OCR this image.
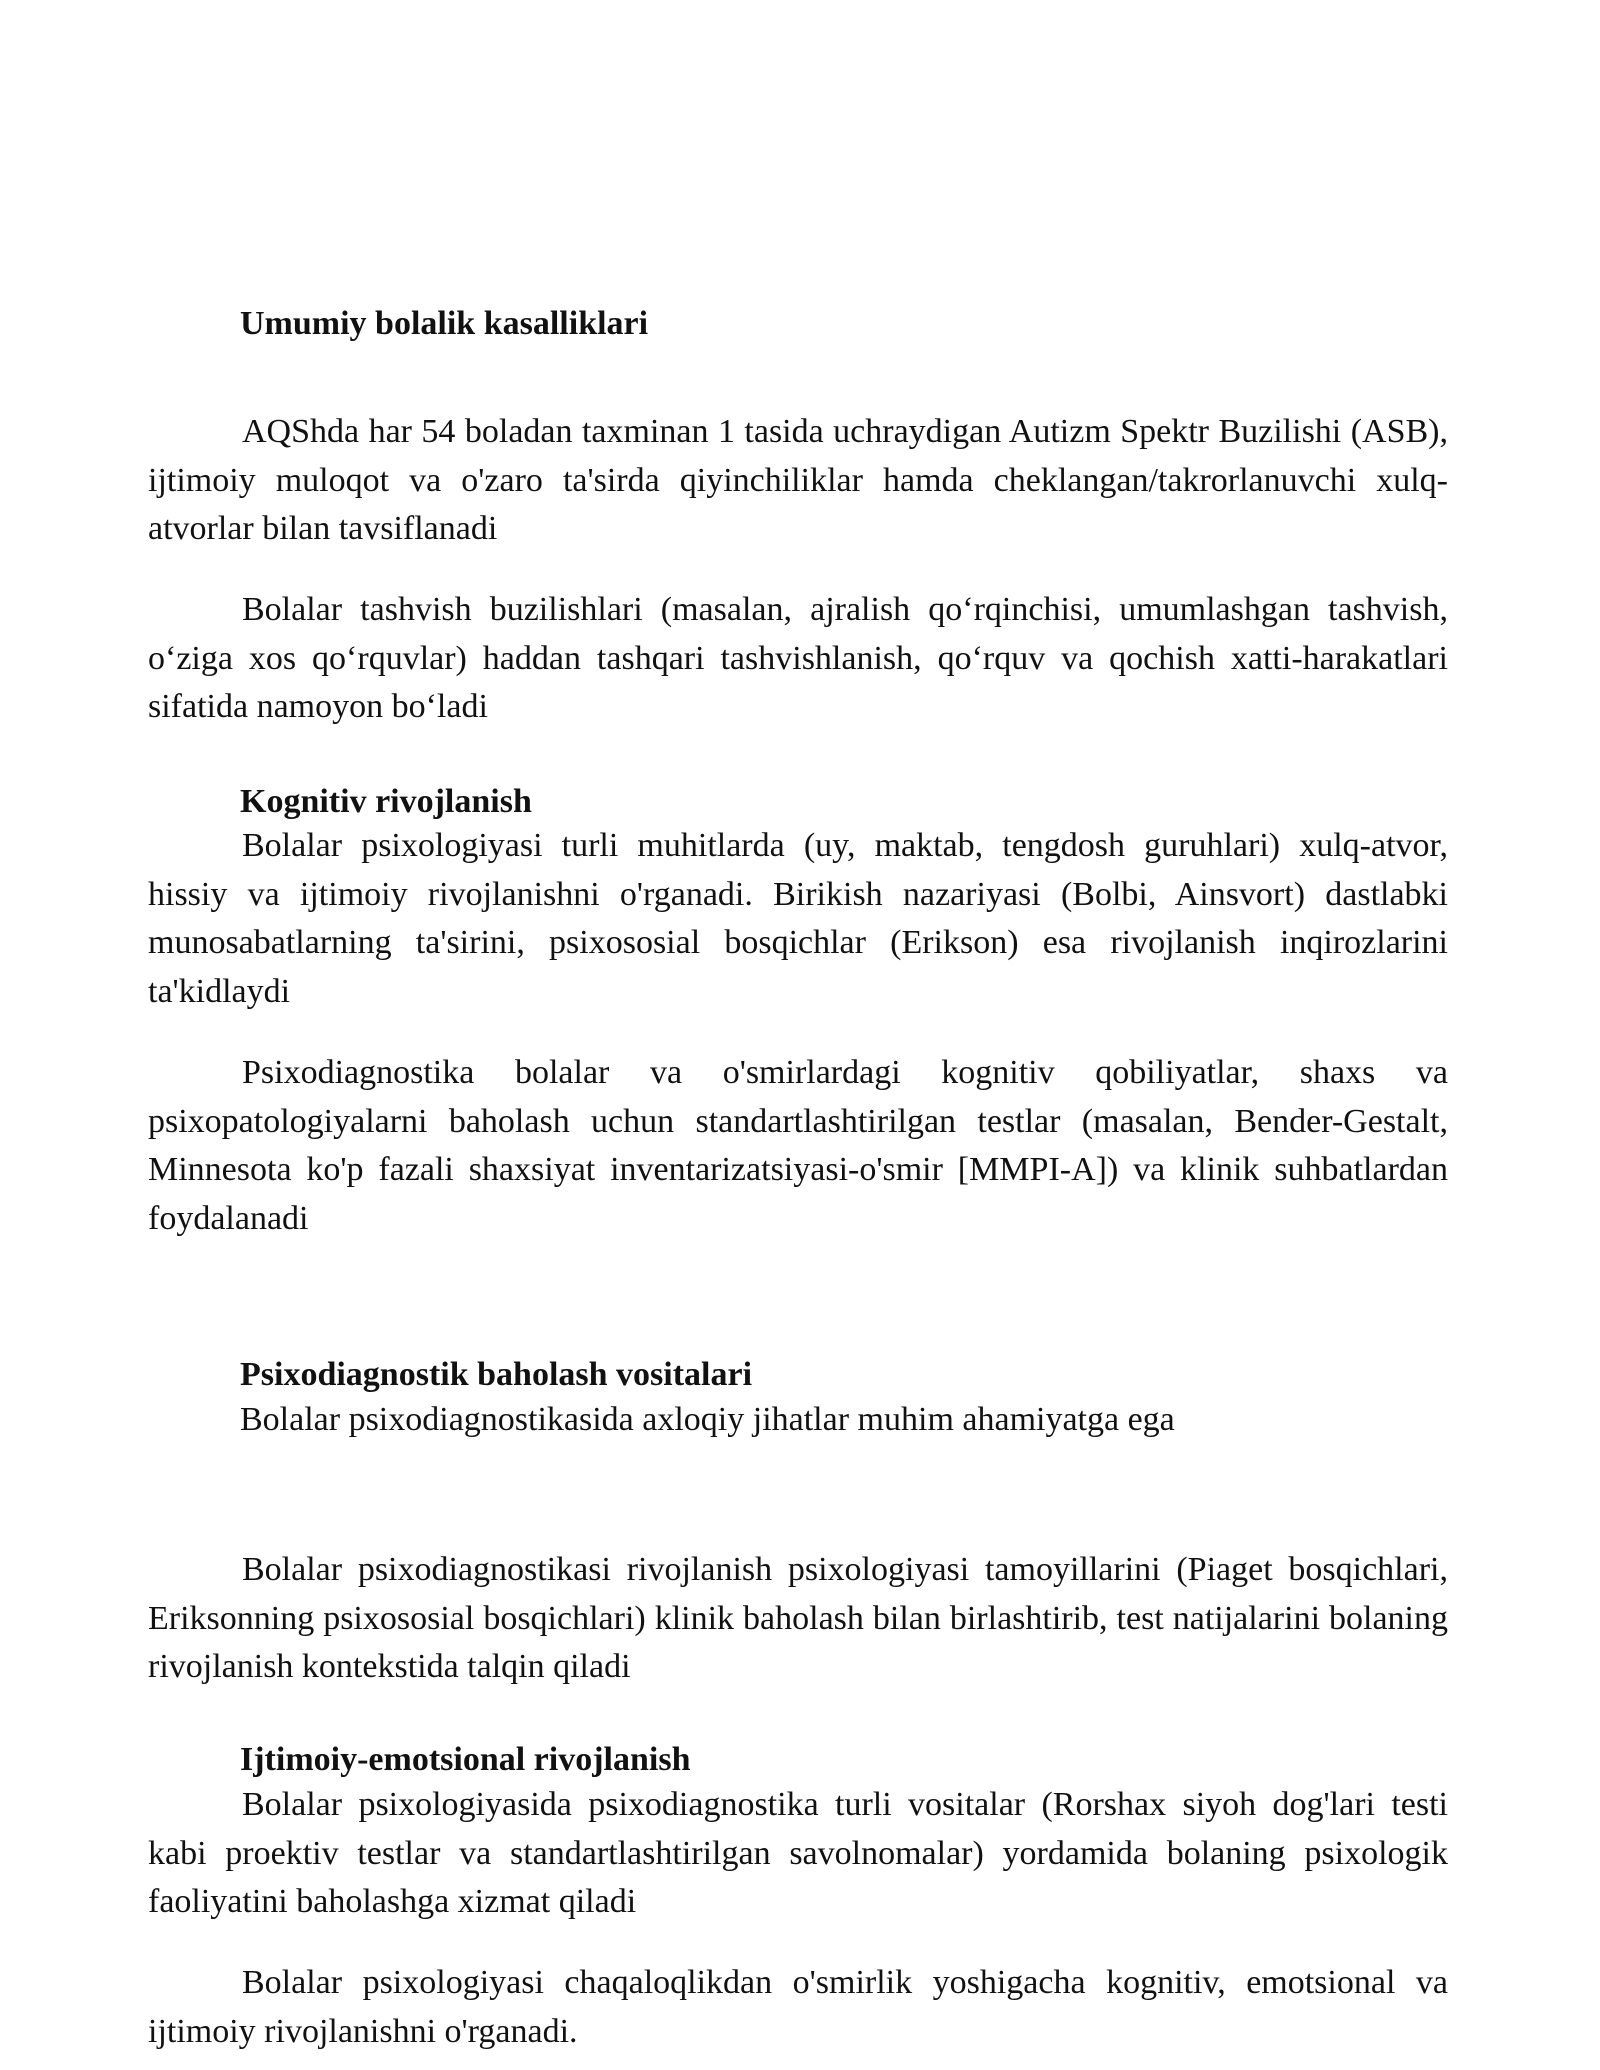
Umumiy bolalik kasalliklari

AQShda har 54 boladan taxminan 1 tasida uchraydigan Autizm Spektr Buzilishi (ASB), ijtimoiy muloqot va o'zaro ta'sirda qiyinchiliklar hamda cheklangan/takrorlanuvchi xulq-atvorlar bilan tavsiflanadi

Bolalar tashvish buzilishlari (masalan, ajralish qoʻrqinchisi, umumlashgan tashvish, oʻziga xos qoʻrquvlar) haddan tashqari tashvishlanish, qoʻrquv va qochish xatti-harakatlari sifatida namoyon boʻladi

Kognitiv rivojlanish

Bolalar psixologiyasi turli muhitlarda (uy, maktab, tengdosh guruhlari) xulq-atvor, hissiy va ijtimoiy rivojlanishni o'rganadi. Birikish nazariyasi (Bolbi, Ainsvort) dastlabki munosabatlarning ta'sirini, psixososial bosqichlar (Erikson) esa rivojlanish inqirozlarini ta'kidlaydi

Psixodiagnostika bolalar va o'smirlardagi kognitiv qobiliyatlar, shaxs va psixopatologiyalarni baholash uchun standartlashtirilgan testlar (masalan, Bender-Gestalt, Minnesota ko'p fazali shaxsiyat inventarizatsiyasi-o'smir [MMPI-A]) va klinik suhbatlardan foydalanadi

Psixodiagnostik baholash vositalari

Bolalar psixodiagnostikasida axloqiy jihatlar muhim ahamiyatga ega

Bolalar psixodiagnostikasi rivojlanish psixologiyasi tamoyillarini (Piaget bosqichlari, Eriksonning psixososial bosqichlari) klinik baholash bilan birlashtirib, test natijalarini bolaning rivojlanish kontekstida talqin qiladi

Ijtimoiy-emotsional rivojlanish

Bolalar psixologiyasida psixodiagnostika turli vositalar (Rorshax siyoh dog'lari testi kabi proektiv testlar va standartlashtirilgan savolnomalar) yordamida bolaning psixologik faoliyatini baholashga xizmat qiladi

Bolalar psixologiyasi chaqaloqlikdan o'smirlik yoshigacha kognitiv, emotsional va ijtimoiy rivojlanishni o'rganadi.
